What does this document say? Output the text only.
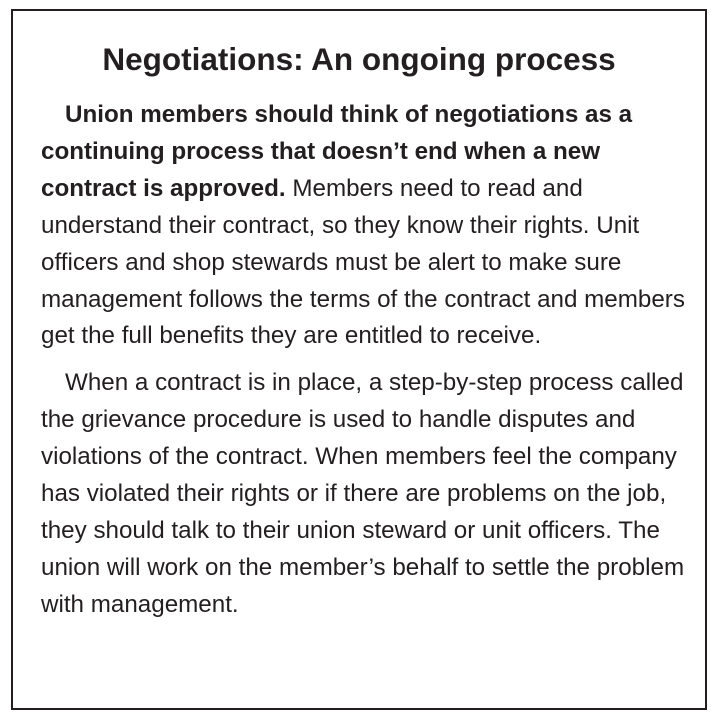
Negotiations: An ongoing process

Union members should think of negotiations as a continuing process that doesn’t end when a new contract is approved. Members need to read and understand their contract, so they know their rights. Unit officers and shop stewards must be alert to make sure management follows the terms of the contract and members get the full benefits they are entitled to receive.

When a contract is in place, a step-by-step process called the grievance procedure is used to handle disputes and violations of the contract. When members feel the company has violated their rights or if there are problems on the job, they should talk to their union steward or unit officers. The union will work on the member’s behalf to settle the problem with management.
